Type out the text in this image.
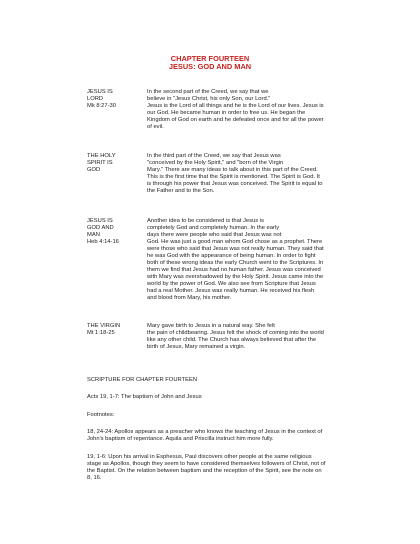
CHAPTER FOURTEEN
JESUS: GOD AND MAN
JESUS IS
LORD
Mk 8:27-30
In the second part of the Creed, we say that we
believe in "Jesus Christ, his only Son, our Lord."
Jesus is the Lord of all things and he is the Lord of our lives. Jesus is
our God. He became human in order to free us. He began the
Kingdom of God on earth and he defeated once and for all the power
of evil.
THE HOLY
SPIRIT IS
GOD
In the third part of the Creed, we say that Jesus was
"conceived by the Holy Spirit," and "born of the Virgin
Mary." There are many ideas to talk about in this part of the Creed.
This is the first time that the Spirit is mentioned. The Spirit is God. It
is through his power that Jesus was conceived. The Spirit is equal to
the Father and to the Son.
JESUS IS
GOD AND
MAN
Heb 4:14-16
Another idea to be considered is that Jesus is
completely God and completely human. In the early
days there were people who said that Jesus was not
God. He was just a good man whom God chose as a prophet. There
were those who said that Jesus was not really human. They said that
he was God with the appearance of being human. In order to fight
both of these wrong ideas the early Church went to the Scriptures. In
them we find that Jesus had no human father. Jesus was conceived
with Mary was overshadowed by the Holy Spirit. Jesus came into the
world by the power of God. We also see from Scripture that Jesus
had a real Mother. Jesus was really human. He received his flesh
and blood from Mary, his mother.
THE VIRGIN
Mt 1:18-25
Mary gave birth to Jesus in a natural way. She felt
the pain of childbearing. Jesus felt the shock of coming into the world
like any other child. The Church has always believed that after the
birth of Jesus, Mary remained a virgin.
SCRIPTURE FOR CHAPTER FOURTEEN
Acts 19, 1-7: The baptism of John and Jesus
Footnotes:
18, 24-24: Apollos appears as a preacher who knows the teaching of Jesus in the context of
John's baptism of repentance. Aquila and Priscilla instruct him more fully.
19, 1-6: Upon his arrival in Esphesus, Paul discovers other people at the same religious
stage as Apollos, though they seem to have considered themselves followers of Christ, not of
the Baptist. On the relation between baptism and the reception of the Spirit, see the note on
8, 16.
